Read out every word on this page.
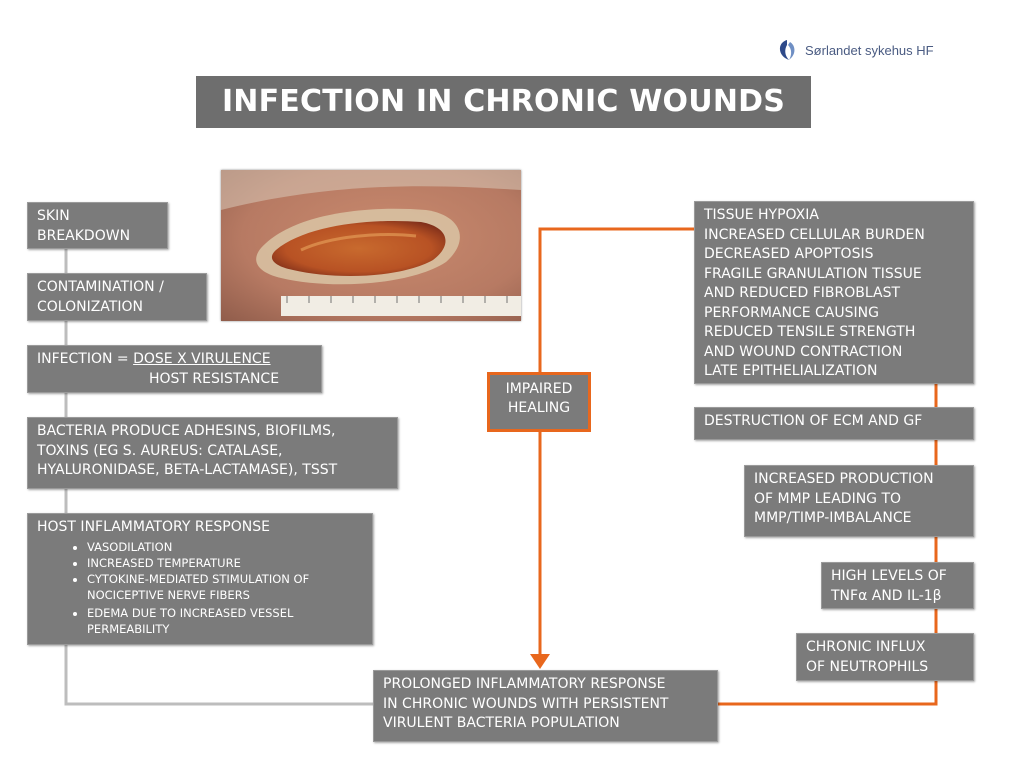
Sørlandet sykehus HF
INFECTION IN CHRONIC WOUNDS
SKIN
BREAKDOWN
CONTAMINATION /
COLONIZATION
INFECTION = DOSE X VIRULENCE
HOST RESISTANCE
BACTERIA PRODUCE ADHESINS, BIOFILMS,
TOXINS (EG S. AUREUS: CATALASE,
HYALURONIDASE, BETA-LACTAMASE), TSST
HOST INFLAMMATORY RESPONSE
• VASODILATION
• INCREASED TEMPERATURE
• CYTOKINE-MEDIATED STIMULATION OF NOCICEPTIVE NERVE FIBERS
• EDEMA DUE TO INCREASED VESSEL PERMEABILITY
IMPAIRED
HEALING
PROLONGED INFLAMMATORY RESPONSE
IN CHRONIC WOUNDS WITH PERSISTENT
VIRULENT BACTERIA POPULATION
TISSUE HYPOXIA
INCREASED CELLULAR BURDEN
DECREASED APOPTOSIS
FRAGILE GRANULATION TISSUE
AND REDUCED FIBROBLAST
PERFORMANCE CAUSING
REDUCED TENSILE STRENGTH
AND WOUND CONTRACTION
LATE EPITHELIALIZATION
DESTRUCTION OF ECM AND GF
INCREASED PRODUCTION
OF MMP LEADING TO
MMP/TIMP-IMBALANCE
HIGH LEVELS OF
TNFα AND IL-1β
CHRONIC INFLUX
OF NEUTROPHILS
